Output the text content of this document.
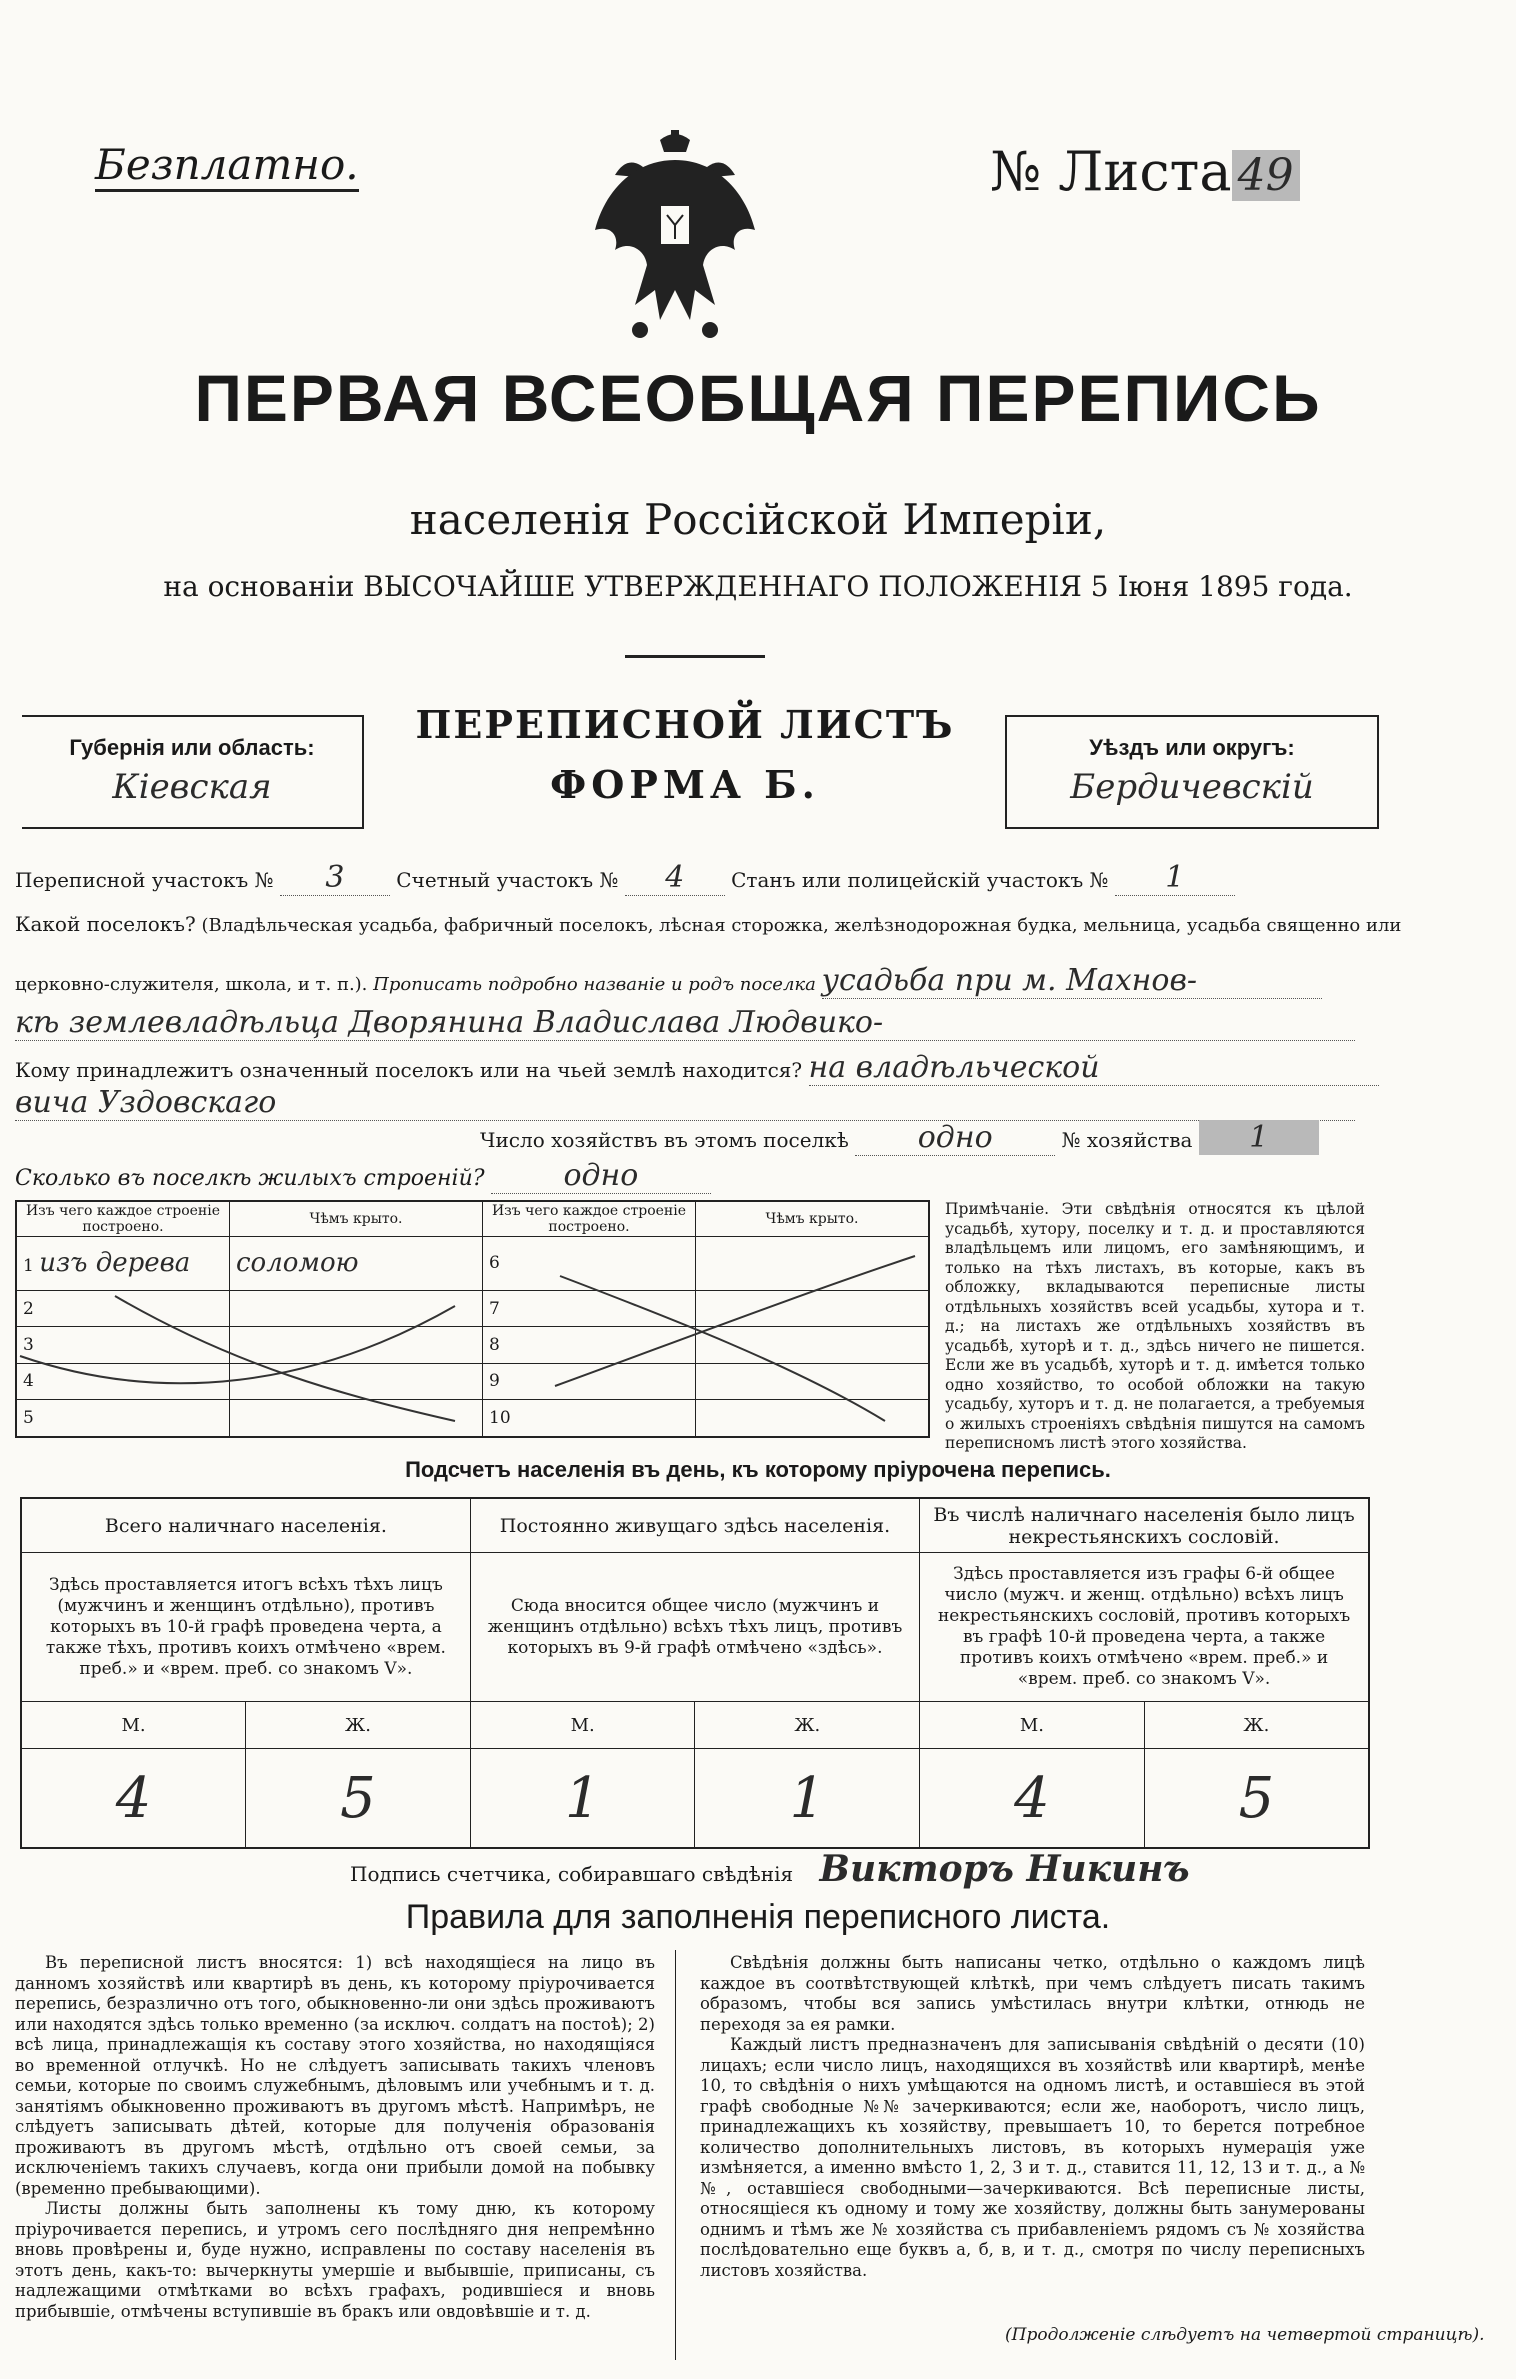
Безплатно.	№ Листа 49
ПЕРВАЯ ВСЕОБЩАЯ ПЕРЕПИСЬ
населенія Россійской Имперіи,
на основаніи ВЫСОЧАЙШЕ УТВЕРЖДЕННАГО ПОЛОЖЕНІЯ 5 Іюня 1895 года.
Губернія или область:
Кіевская
ПЕРЕПИСНОЙ ЛИСТЪ
ФОРМА Б.
Уѣздъ или округъ:
Бердичевскій
Переписной участокъ № 3	Счетный участокъ № 4 Станъ или полицейскій участокъ № 1
Какой поселокъ? (Владѣльческая усадьба, фабричный поселокъ, лѣсная сторожка, желѣзнодорожная будка, мельница, усадьба священно или
церковно-служителя, школа, и т. п.). Прописать подробно названіе и родъ поселка усадьба при м. Махнов-
кѣ землевладѣльца Дворянина Владислава Людвико-
Кому принадлежитъ означенный поселокъ или на чьей землѣ находится? на владѣльческой
вича Уздовскаго
Число хозяйствъ въ этомъ поселкѣ одно	№ хозяйства 1
Сколько въ поселкѣ жилыхъ строеній?	одно
Изъ чего каждое строеніе построено.	Чѣмъ крыто.	Изъ чего каждое строеніе построено.	Чѣмъ крыто.
1 изъ дерева	соломою	6	
2		7	
3		8	
4		9	
5		10	
Примѣчаніе. Эти свѣдѣнія относятся къ цѣлой усадьбѣ, хутору, поселку и т. д. и проставляются владѣльцемъ или лицомъ, его замѣняющимъ, и только на тѣхъ листахъ, въ которые, какъ въ обложку, вкладываются переписные листы отдѣльныхъ хозяйствъ всей усадьбы, хутора и т. д.; на листахъ же отдѣльныхъ хозяйствъ въ усадьбѣ, хуторѣ и т. д., здѣсь ничего не пишется. Если же въ усадьбѣ, хуторѣ и т. д. имѣется только одно хозяйство, то особой обложки на такую усадьбу, хуторъ и т. д. не полагается, а требуемыя о жилыхъ строеніяхъ свѣдѣнія пишутся на самомъ переписномъ листѣ этого хозяйства.
Подсчетъ населенія въ день, къ которому пріурочена перепись.
Всего наличнаго населенія.		Постоянно живущаго здѣсь населенія.		Въ числѣ наличнаго населенія было лицъ некрестьянскихъ сословій.	
Здѣсь проставляется итогъ всѣхъ тѣхъ лицъ (мужчинъ и женщинъ отдѣльно), противъ которыхъ въ 10-й графѣ проведена черта, а также тѣхъ, противъ коихъ отмѣчено «врем. преб.» и «врем. преб. со знакомъ V».		Сюда вносится общее число (мужчинъ и женщинъ отдѣльно) всѣхъ тѣхъ лицъ, противъ которыхъ въ 9-й графѣ отмѣчено «здѣсь».		Здѣсь проставляется изъ графы 6-й общее число (мужч. и женщ. отдѣльно) всѣхъ лицъ некрестьянскихъ сословій, противъ которыхъ въ графѣ 10-й проведена черта, а также противъ коихъ отмѣчено «врем. преб.» и «врем. преб. со знакомъ V».	
М.	Ж.	М.	Ж.	М.	Ж.
4	5	1	1	4	5
Подпись счетчика, собиравшаго свѣдѣнія Викторъ Никинъ
Правила для заполненія переписного листа.
Въ переписной листъ вносятся: 1) всѣ находящіеся на лицо въ данномъ хозяйствѣ или квартирѣ въ день, къ которому пріурочивается перепись, безразлично отъ того, обыкновенно-ли они здѣсь проживаютъ или находятся здѣсь только временно (за исключ. солдатъ на постоѣ); 2) всѣ лица, принадлежащія къ составу этого хозяйства, но находящіяся во временной отлучкѣ. Но не слѣдуетъ записывать такихъ членовъ семьи, которые по своимъ служебнымъ, дѣловымъ или учебнымъ и т. д. занятіямъ обыкновенно проживаютъ въ другомъ мѣстѣ. Напримѣръ, не слѣдуетъ записывать дѣтей, которые для полученія образованія проживаютъ въ другомъ мѣстѣ, отдѣльно отъ своей семьи, за исключеніемъ такихъ случаевъ, когда они прибыли домой на побывку (временно пребывающими).
Листы должны быть заполнены къ тому дню, къ которому пріурочивается перепись, и утромъ сего послѣдняго дня непремѣнно вновь провѣрены и, буде нужно, исправлены по составу населенія въ этотъ день, какъ-то: вычеркнуты умершіе и выбывшіе, приписаны, съ надлежащими отмѣтками во всѣхъ графахъ, родившіеся и вновь прибывшіе, отмѣчены вступившіе въ бракъ или овдовѣвшіе и т. д.
Свѣдѣнія должны быть написаны четко, отдѣльно о каждомъ лицѣ каждое въ соотвѣтствующей клѣткѣ, при чемъ слѣдуетъ писать такимъ образомъ, чтобы вся запись умѣстилась внутри клѣтки, отнюдь не переходя за ея рамки.
Каждый листъ предназначенъ для записыванія свѣдѣній о десяти (10) лицахъ; если число лицъ, находящихся въ хозяйствѣ или квартирѣ, менѣе 10, то свѣдѣнія о нихъ умѣщаются на одномъ листѣ, и оставшіеся въ этой графѣ свободные №№ зачеркиваются; если же, наоборотъ, число лицъ, принадлежащихъ къ хозяйству, превышаетъ 10, то берется потребное количество дополнительныхъ листовъ, въ которыхъ нумерація уже измѣняется, а именно вмѣсто 1, 2, 3 и т. д., ставится 11, 12, 13 и т. д., а №№, оставшіеся свободными—зачеркиваются. Всѣ переписные листы, относящіеся къ одному и тому же хозяйству, должны быть занумерованы однимъ и тѣмъ же № хозяйства съ прибавленіемъ рядомъ съ № хозяйства послѣдовательно еще буквъ а, б, в, и т. д., смотря по числу переписныхъ листовъ хозяйства.
(Продолженіе слѣдуетъ на четвертой страницѣ).
